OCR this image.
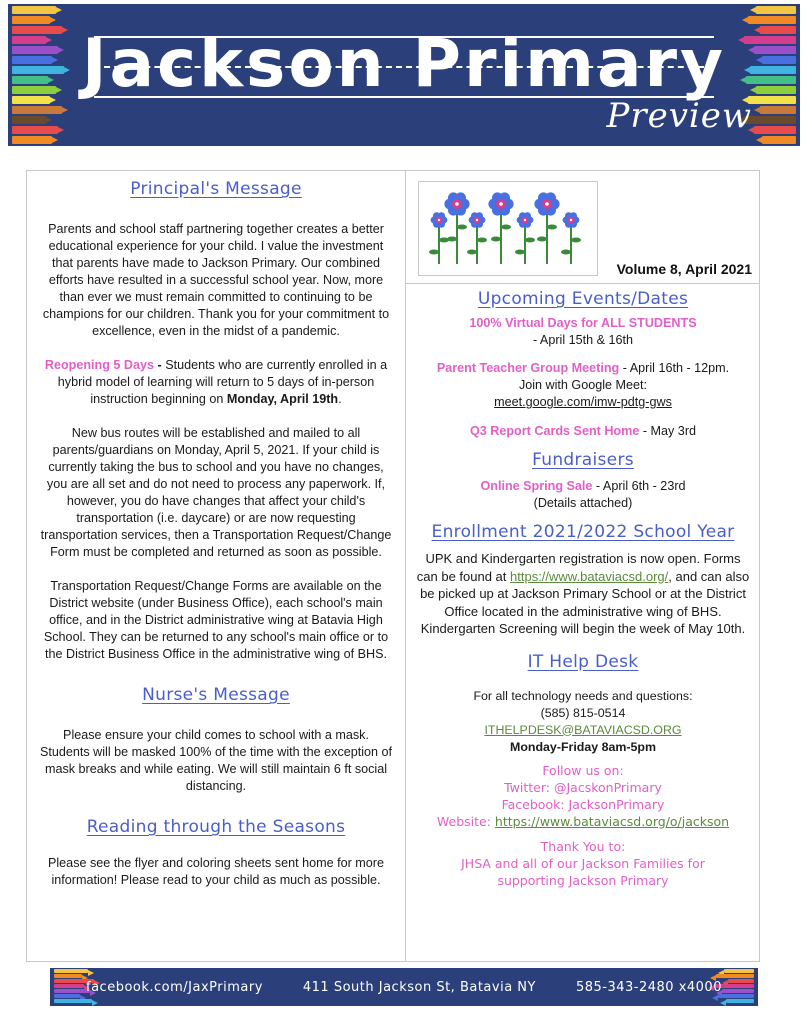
Jackson Primary
Preview
Principal's Message

Parents and school staff partnering together creates a better educational experience for your child. I value the investment that parents have made to Jackson Primary. Our combined efforts have resulted in a successful school year. Now, more than ever we must remain committed to continuing to be champions for our children. Thank you for your commitment to excellence, even in the midst of a pandemic.

Reopening 5 Days - Students who are currently enrolled in a hybrid model of learning will return to 5 days of in-person instruction beginning on Monday, April 19th.

New bus routes will be established and mailed to all parents/guardians on Monday, April 5, 2021. If your child is currently taking the bus to school and you have no changes, you are all set and do not need to process any paperwork. If, however, you do have changes that affect your child's transportation (i.e. daycare) or are now requesting transportation services, then a Transportation Request/Change Form must be completed and returned as soon as possible.

Transportation Request/Change Forms are available on the District website (under Business Office), each school's main office, and in the District administrative wing at Batavia High School. They can be returned to any school's main office or to the District Business Office in the administrative wing of BHS.

Nurse's Message

Please ensure your child comes to school with a mask. Students will be masked 100% of the time with the exception of mask breaks and while eating. We will still maintain 6 ft social distancing.

Reading through the Seasons

Please see the flyer and coloring sheets sent home for more information! Please read to your child as much as possible.

Volume 8, April 2021
Upcoming Events/Dates

100% Virtual Days for ALL STUDENTS
- April 15th & 16th

Parent Teacher Group Meeting - April 16th - 12pm.
Join with Google Meet:
meet.google.com/imw-pdtg-gws

Q3 Report Cards Sent Home - May 3rd

Fundraisers

Online Spring Sale - April 6th - 23rd
(Details attached)

Enrollment 2021/2022 School Year

UPK and Kindergarten registration is now open. Forms can be found at https://www.bataviacsd.org/, and can also be picked up at Jackson Primary School or at the District Office located in the administrative wing of BHS. Kindergarten Screening will begin the week of May 10th.

IT Help Desk

For all technology needs and questions:
(585) 815-0514
ITHELPDESK@BATAVIACSD.ORG
Monday-Friday 8am-5pm

Follow us on:
Twitter: @JacskonPrimary
Facebook: JacksonPrimary
Website: https://www.bataviacsd.org/o/jackson
Thank You to:
JHSA and all of our Jackson Families for supporting Jackson Primary
facebook.com/JaxPrimary	411 South Jackson St, Batavia NY	585-343-2480 x4000
